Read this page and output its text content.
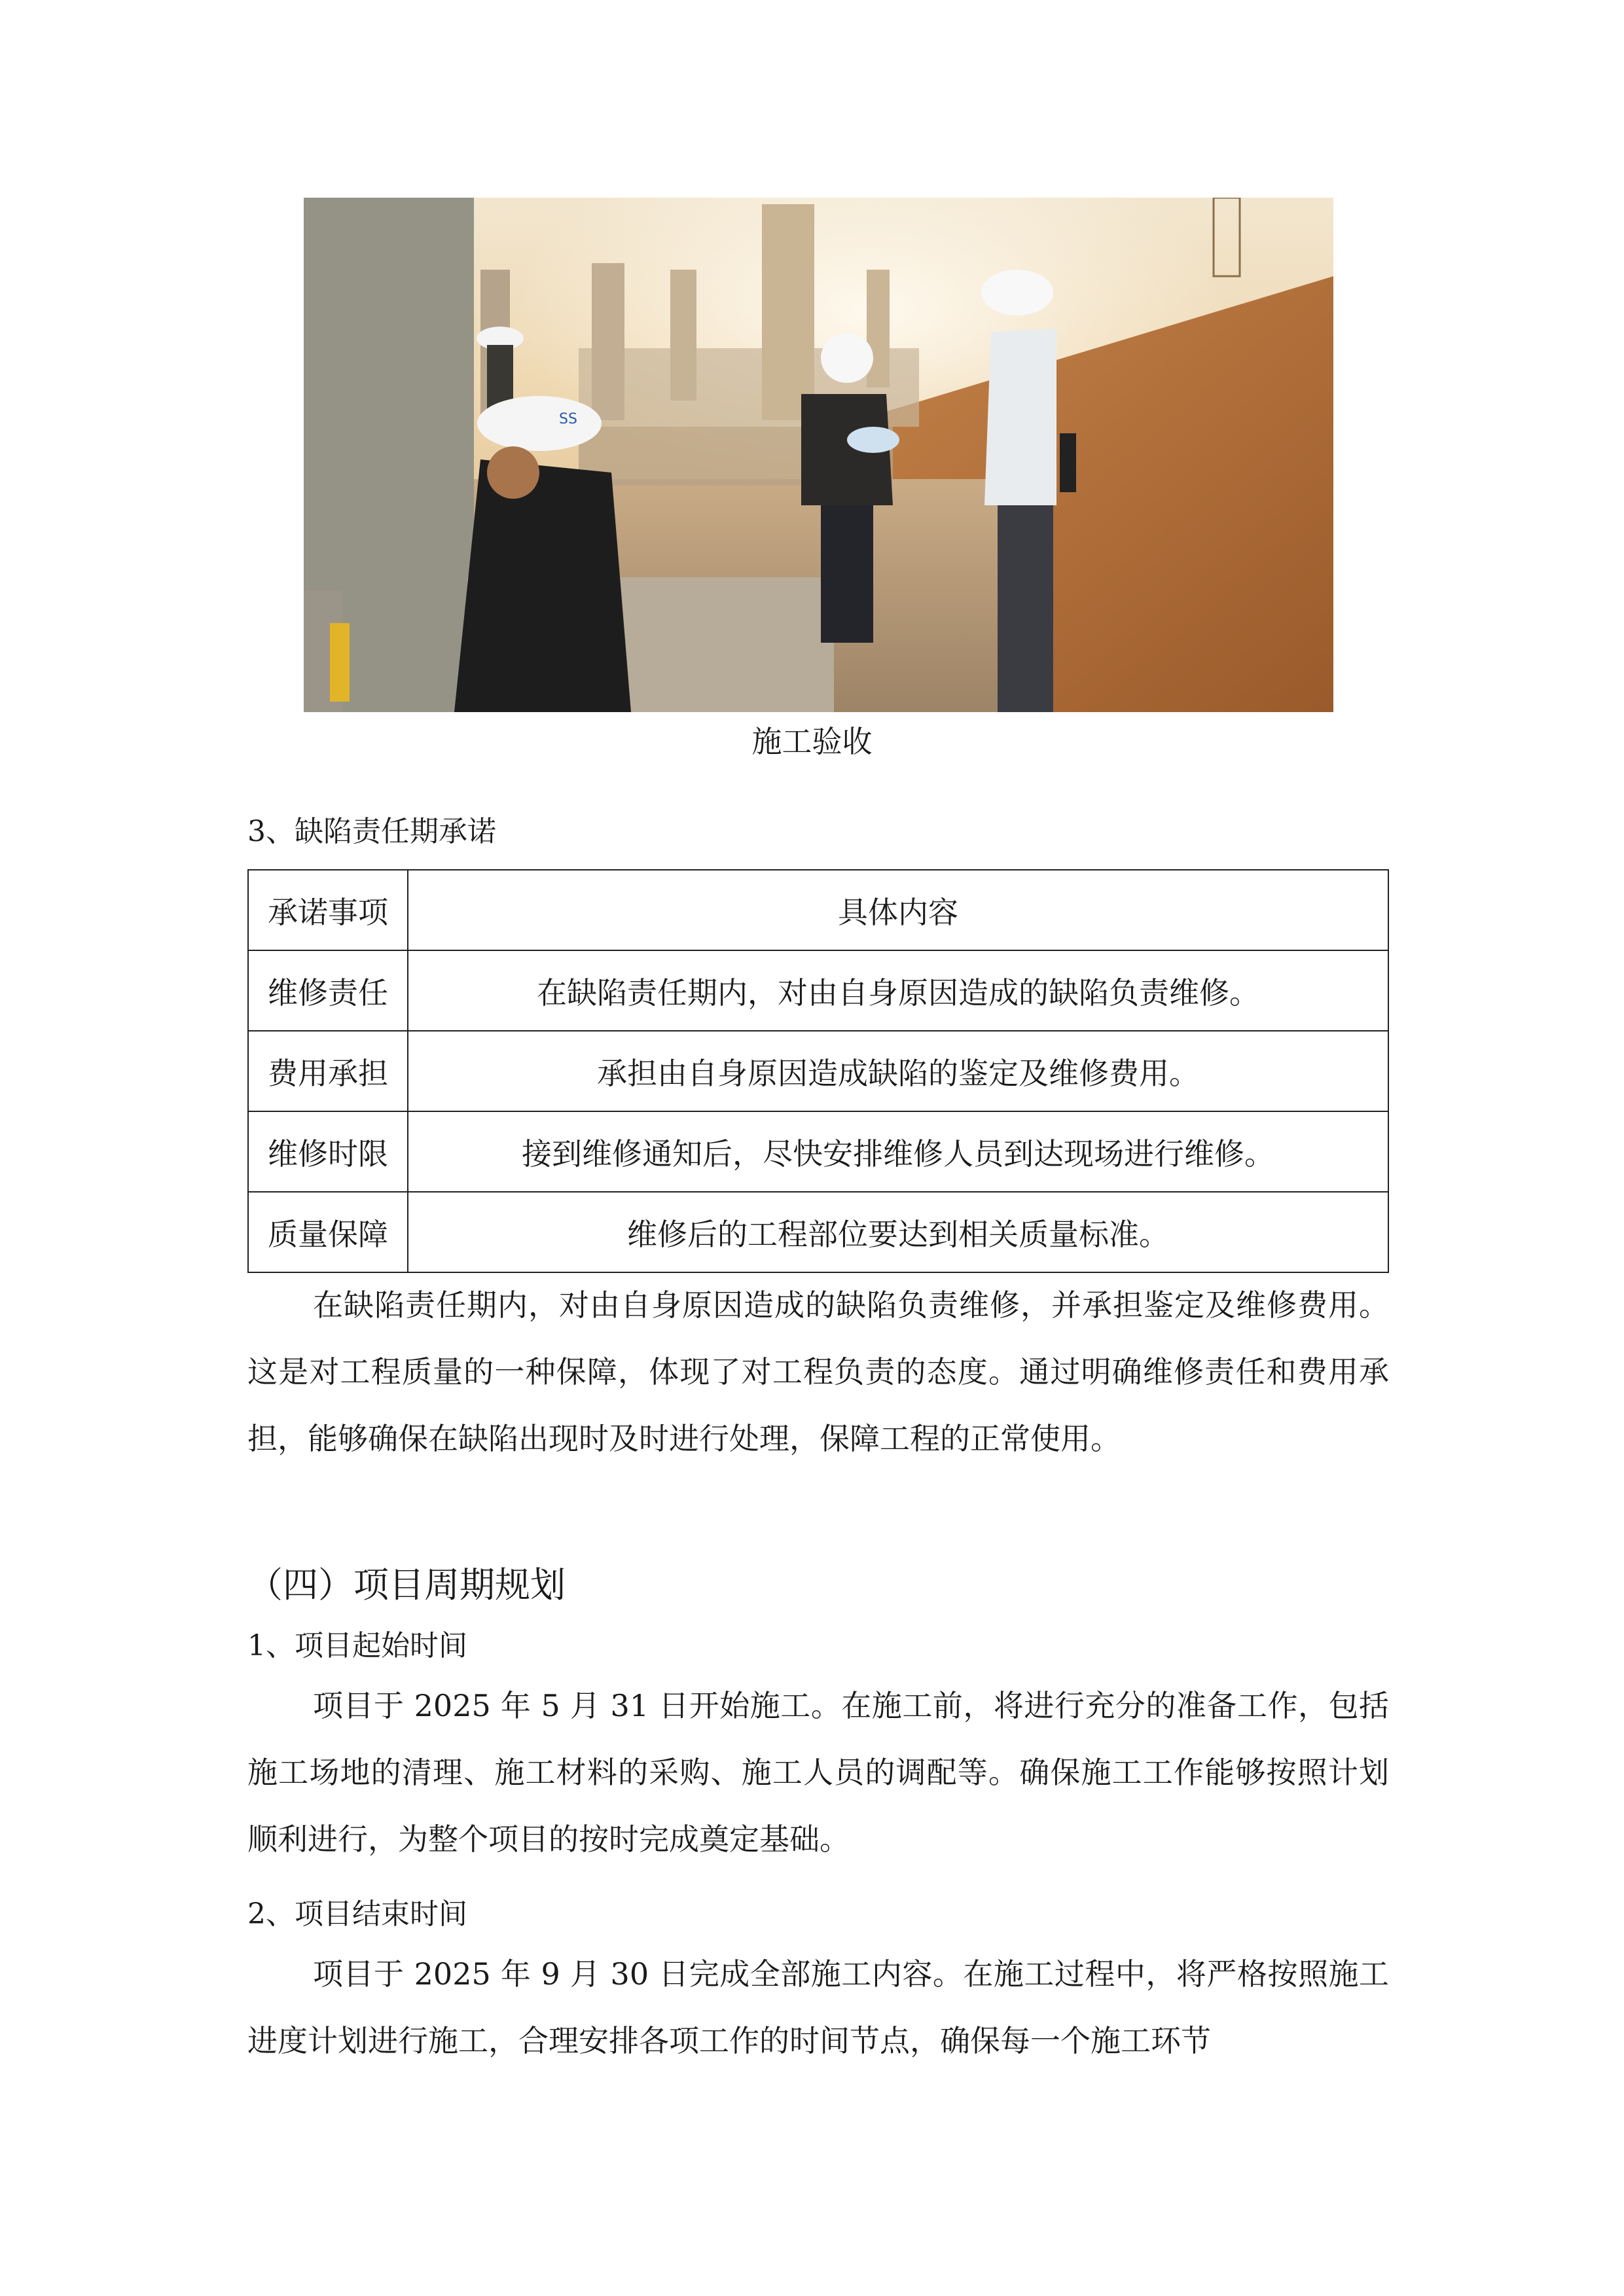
SS
施工验收
3、缺陷责任期承诺
承诺事项	具体内容
维修责任	在缺陷责任期内，对由自身原因造成的缺陷负责维修。
费用承担	承担由自身原因造成缺陷的鉴定及维修费用。
维修时限	接到维修通知后，尽快安排维修人员到达现场进行维修。
质量保障	维修后的工程部位要达到相关质量标准。

在缺陷责任期内，对由自身原因造成的缺陷负责维修，并承担鉴定及维修费用。这是对工程质量的一种保障，体现了对工程负责的态度。通过明确维修责任和费用承担，能够确保在缺陷出现时及时进行处理，保障工程的正常使用。

（四）项目周期规划
1、项目起始时间

项目于 2025 年 5 月 31 日开始施工。在施工前，将进行充分的准备工作，包括施工场地的清理、施工材料的采购、施工人员的调配等。确保施工工作能够按照计划顺利进行，为整个项目的按时完成奠定基础。

2、项目结束时间

项目于 2025 年 9 月 30 日完成全部施工内容。在施工过程中，将严格按照施工进度计划进行施工，合理安排各项工作的时间节点，确保每一个施工环节
